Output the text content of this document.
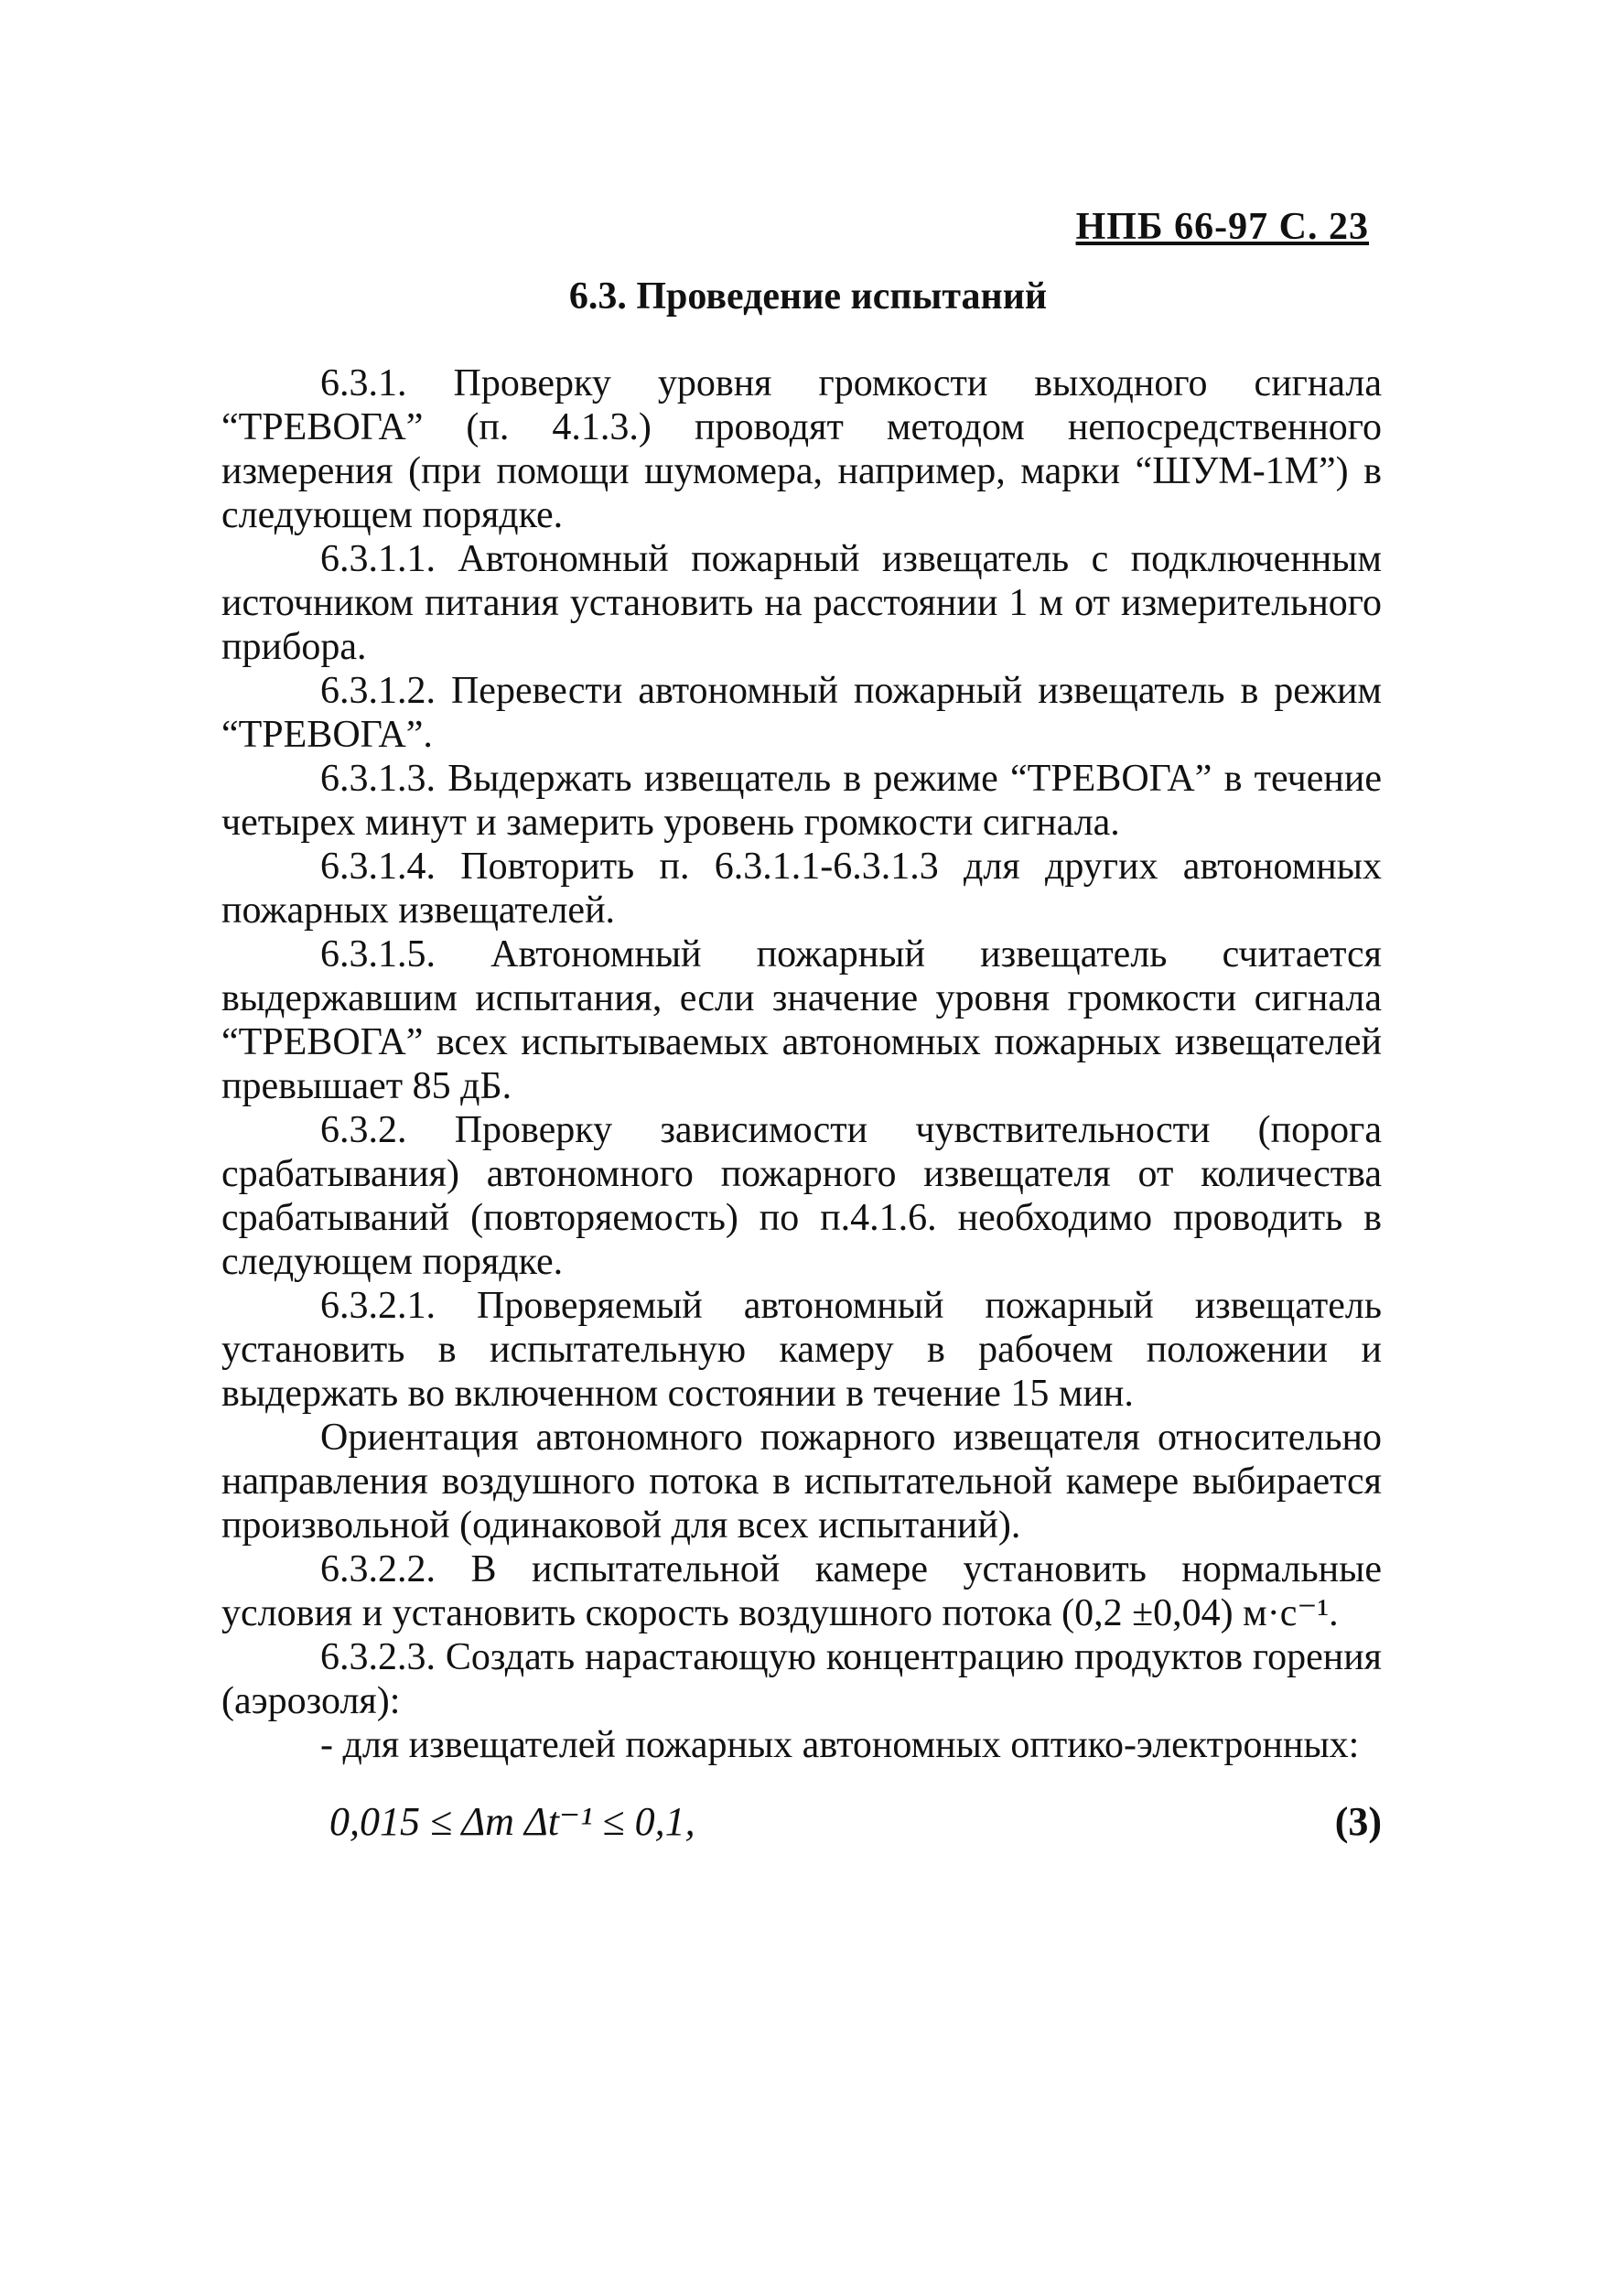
НПБ 66-97 С. 23
6.3. Проведение испытаний

6.3.1. Проверку уровня громкости выходного сигнала “ТРЕВОГА” (п. 4.1.3.) проводят методом непосредственного измерения (при помощи шумомера, например, марки “ШУМ-1М”) в следующем порядке.

6.3.1.1. Автономный пожарный извещатель с подключенным источником питания установить на расстоянии 1 м от измерительного прибора.

6.3.1.2. Перевести автономный пожарный извещатель в режим “ТРЕВОГА”.

6.3.1.3. Выдержать извещатель в режиме “ТРЕВОГА” в течение четырех минут и замерить уровень громкости сигнала.

6.3.1.4. Повторить п. 6.3.1.1-6.3.1.3 для других автономных пожарных извещателей.

6.3.1.5. Автономный пожарный извещатель считается выдержавшим испытания, если значение уровня громкости сигнала “ТРЕВОГА” всех испытываемых автономных пожарных извещателей превышает 85 дБ.

6.3.2. Проверку зависимости чувствительности (порога срабатывания) автономного пожарного извещателя от количества срабатываний (повторяемость) по п.4.1.6. необходимо проводить в следующем порядке.

6.3.2.1. Проверяемый автономный пожарный извещатель установить в испытательную камеру в рабочем положении и выдержать во включенном состоянии в течение 15 мин.

Ориентация автономного пожарного извещателя относительно направления воздушного потока в испытательной камере выбирается произвольной (одинаковой для всех испытаний).

6.3.2.2. В испытательной камере установить нормальные условия и установить скорость воздушного потока (0,2 ±0,04) м·с⁻¹.

6.3.2.3. Создать нарастающую концентрацию продуктов горения (аэрозоля):

- для извещателей пожарных автономных оптико-электронных:

0,015 ≤ Δm Δt⁻¹ ≤ 0,1,	(3)
